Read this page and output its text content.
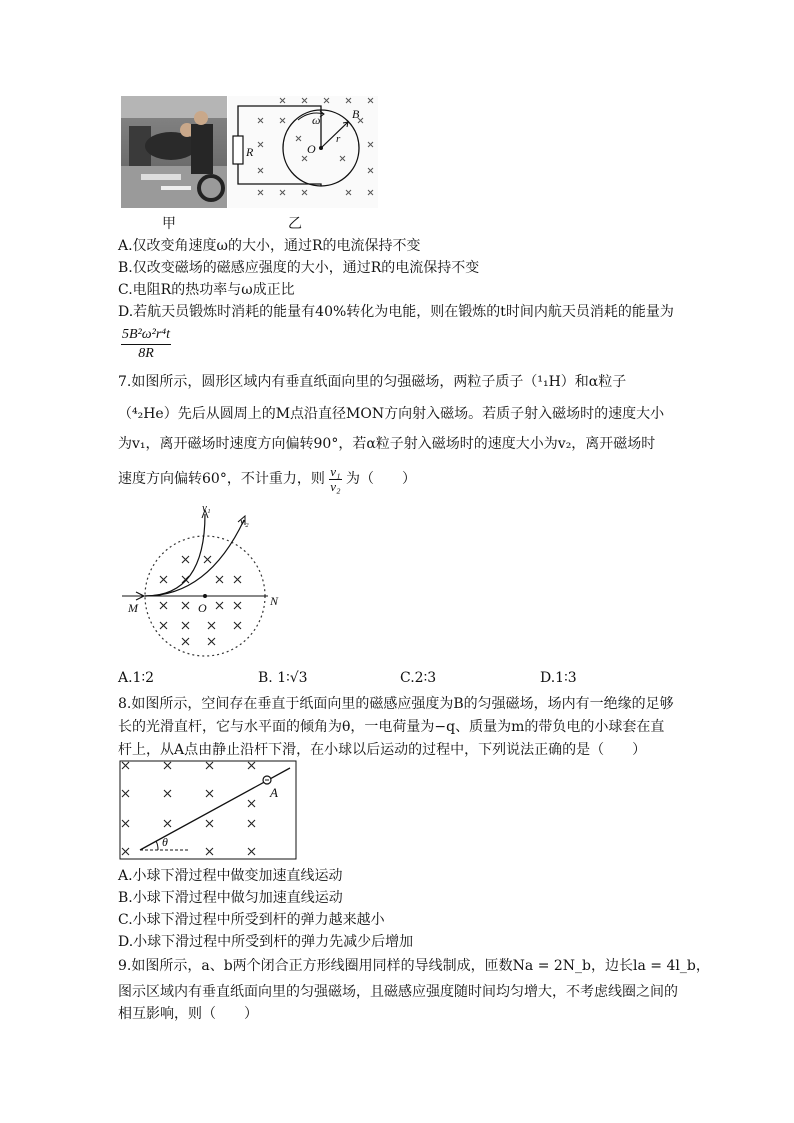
R
B
ω
O
r
甲	乙
A.仅改变角速度ω的大小，通过R的电流保持不变
B.仅改变磁场的磁感应强度的大小，通过R的电流保持不变
C.电阻R的热功率与ω成正比
D.若航天员锻炼时消耗的能量有40%转化为电能，则在锻炼的t时间内航天员消耗的能量为
$\frac{\text{5B²ω²r⁴t}}{8R}$
7.如图所示，圆形区域内有垂直纸面向里的匀强磁场，两粒子质子（¹₁H）和α粒子
（⁴₂He）先后从圆周上的M点沿直径MON方向射入磁场。若质子射入磁场时的速度大小
为v₁，离开磁场时速度方向偏转90°，若α粒子射入磁场时的速度大小为v₂，离开磁场时
速度方向偏转60°，不计重力，则 $\frac{\text{v₁}}{\text{v₂}}$ 为（　　）
v₁
v₂
M	O	N
A.1∶2	B. 1∶√3	C.2∶3	D.1∶3
8.如图所示，空间存在垂直于纸面向里的磁感应强度为B的匀强磁场，场内有一绝缘的足够
长的光滑直杆，它与水平面的倾角为θ，一电荷量为−q、质量为m的带负电的小球套在直
杆上，从A点由静止沿杆下滑，在小球以后运动的过程中，下列说法正确的是（　　）
A
θ
A.小球下滑过程中做变加速直线运动
B.小球下滑过程中做匀加速直线运动
C.小球下滑过程中所受到杆的弹力越来越小
D.小球下滑过程中所受到杆的弹力先减少后增加
9.如图所示，a、b两个闭合正方形线圈用同样的导线制成，匝数Na = 2N_b，边长la = 4l_b，
图示区域内有垂直纸面向里的匀强磁场，且磁感应强度随时间均匀增大，不考虑线圈之间的
相互影响，则（　　）
